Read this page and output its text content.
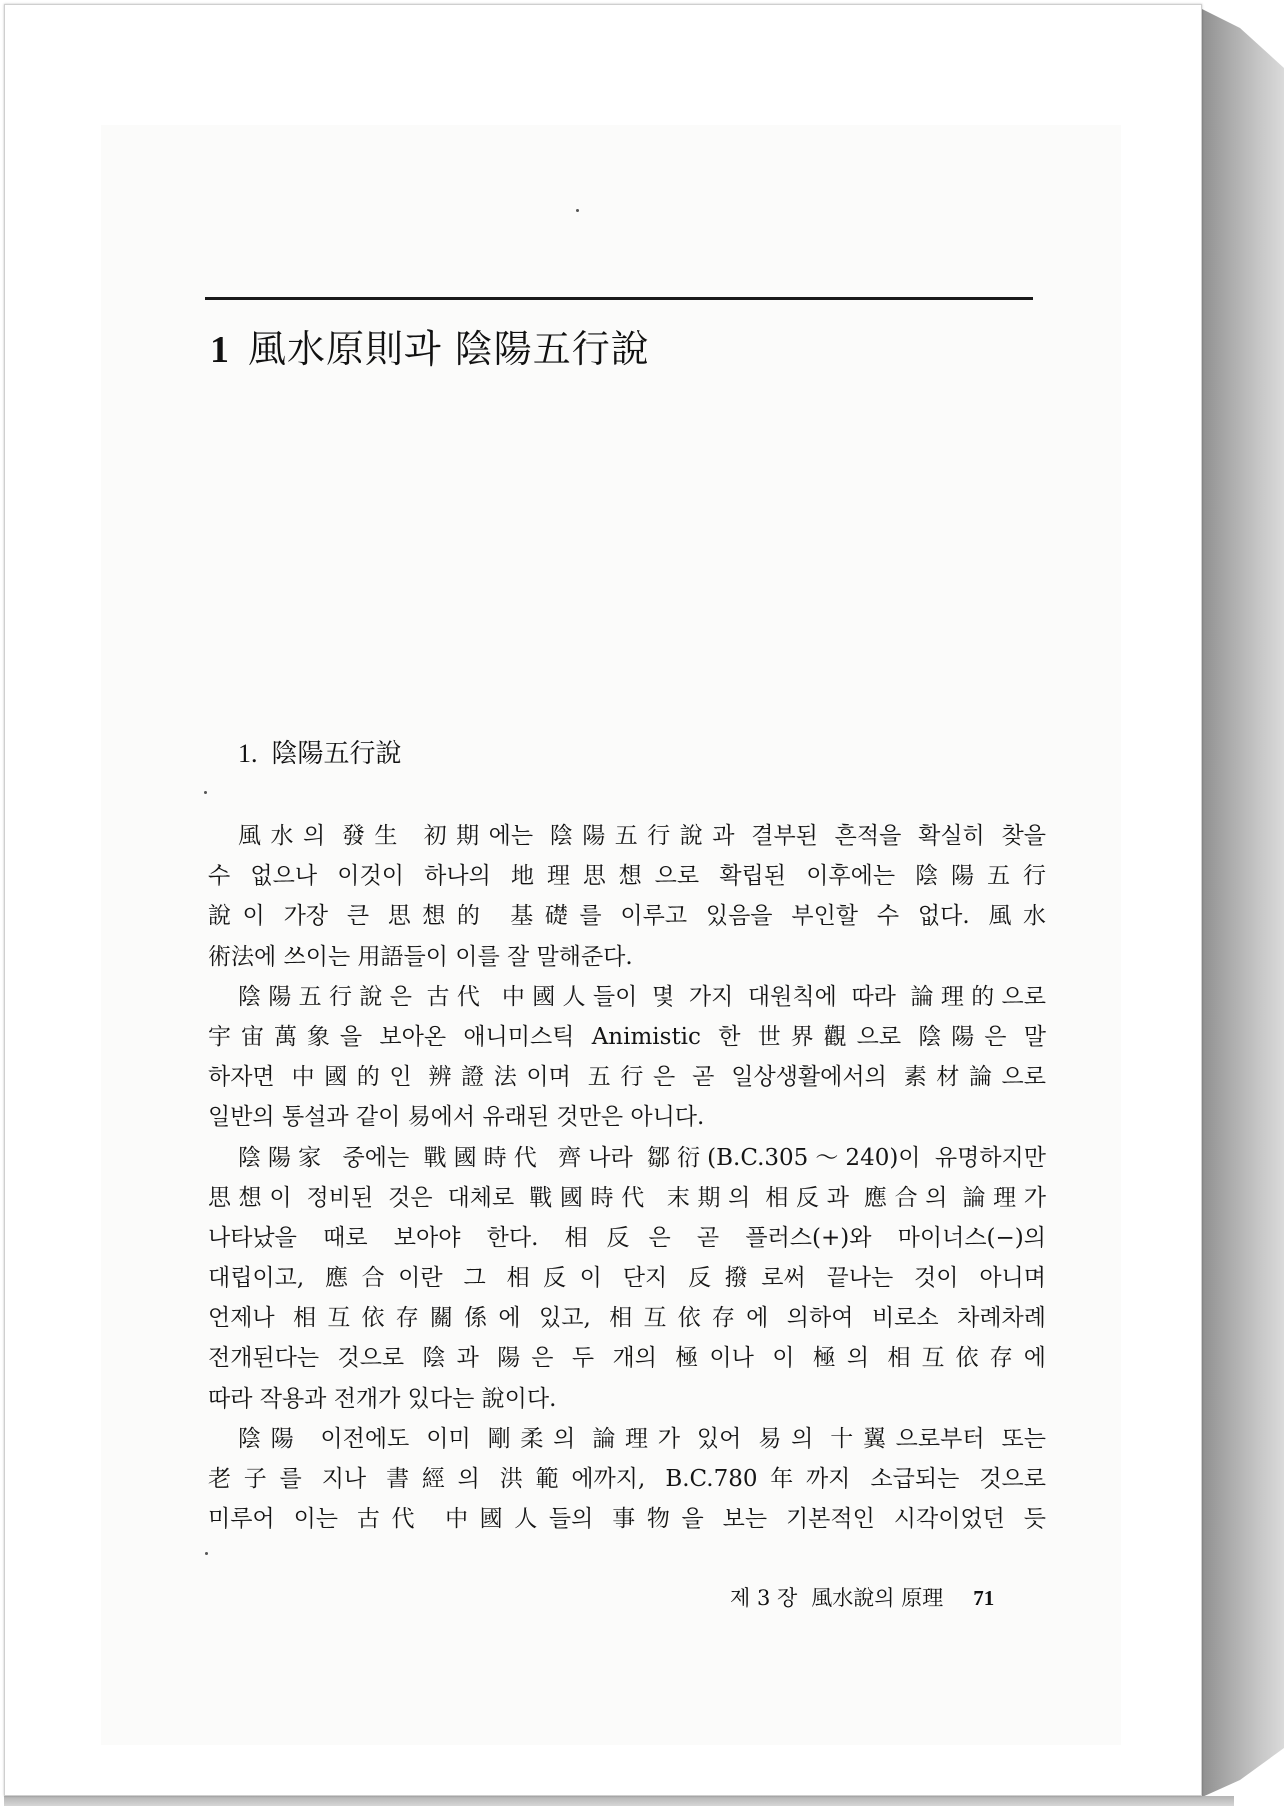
1 風水原則과 陰陽五行說
1. 陰陽五行說
風水의 發生 初期에는 陰陽五行說과 결부된 흔적을 확실히 찾을
수 없으나 이것이 하나의 地理思想으로 확립된 이후에는 陰陽五行
說이 가장 큰 思想的 基礎를 이루고 있음을 부인할 수 없다. 風水
術法에 쓰이는 用語들이 이를 잘 말해준다.
陰陽五行說은 古代 中國人들이 몇 가지 대원칙에 따라 論理的으로
宇宙萬象을 보아온 애니미스틱 Animistic 한 世界觀으로 陰陽은 말
하자면 中國的인 辨證法이며 五行은 곧 일상생활에서의 素材論으로
일반의 통설과 같이 易에서 유래된 것만은 아니다.
陰陽家 중에는 戰國時代 齊나라 鄒衍(B.C.305～240)이 유명하지만
思想이 정비된 것은 대체로 戰國時代 末期의 相反과 應合의 論理가
나타났을 때로 보아야 한다. 相反은 곧 플러스(+)와 마이너스(−)의
대립이고, 應合이란 그 相反이 단지 反撥로써 끝나는 것이 아니며
언제나 相互依存關係에 있고, 相互依存에 의하여 비로소 차례차례
전개된다는 것으로 陰과 陽은 두 개의 極이나 이 極의 相互依存에
따라 작용과 전개가 있다는 說이다.
陰陽 이전에도 이미 剛柔의 論理가 있어 易의 十翼으로부터 또는
老子를 지나 書經의 洪範에까지, B.C.780年까지 소급되는 것으로
미루어 이는 古代 中國人들의 事物을 보는 기본적인 시각이었던 듯
제 3 장 風水說의 原理 71
